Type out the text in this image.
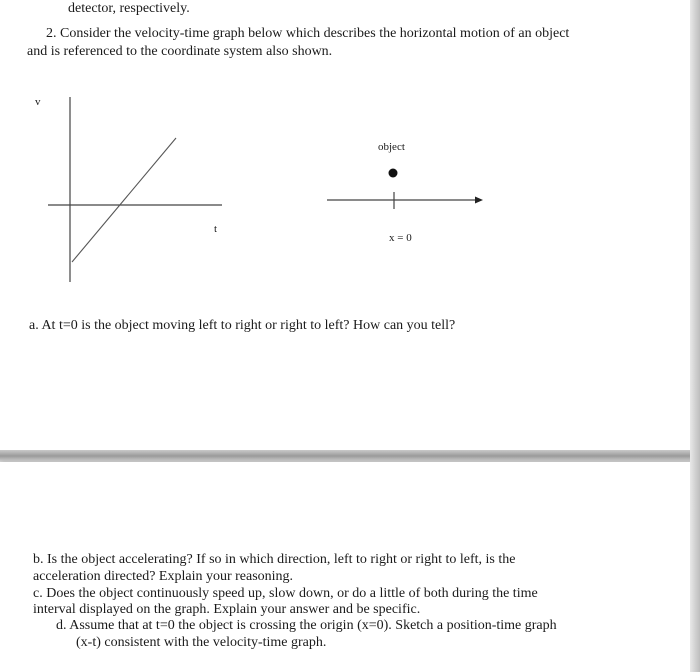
detector, respectively.
2. Consider the velocity-time graph below which describes the horizontal motion of an object
and is referenced to the coordinate system also shown.
v
t
object
x = 0
a. At t=0 is the object moving left to right or right to left? How can you tell?
b. Is the object accelerating? If so in which direction, left to right or right to left, is the
acceleration directed? Explain your reasoning.
c. Does the object continuously speed up, slow down, or do a little of both during the time
interval displayed on the graph. Explain your answer and be specific.
d. Assume that at t=0 the object is crossing the origin (x=0). Sketch a position-time graph
(x-t) consistent with the velocity-time graph.
